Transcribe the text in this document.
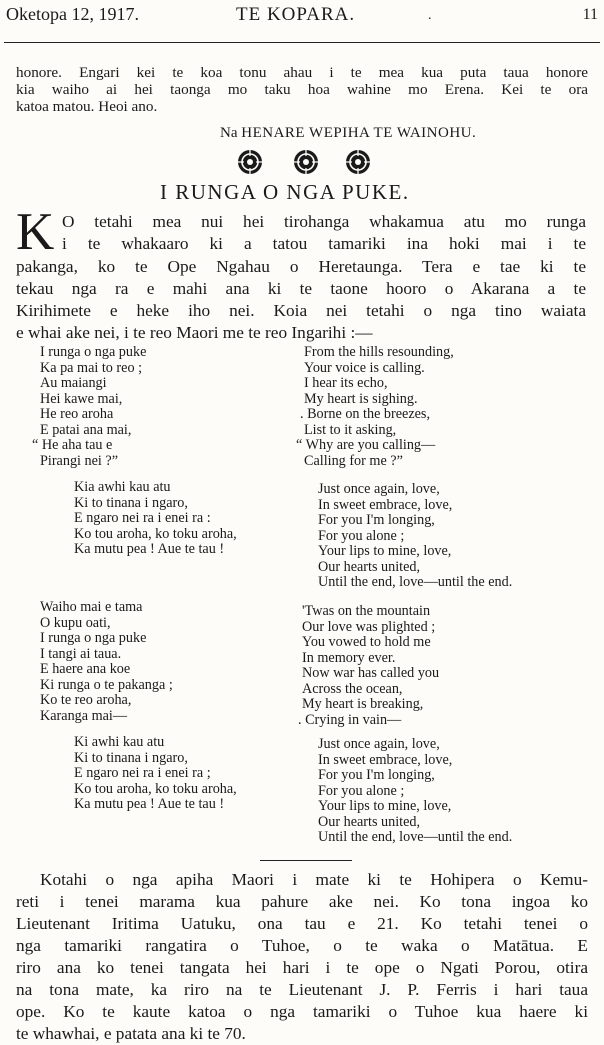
Oketopa 12, 1917.	TE KOPARA.	.	11
honore. Engari kei te koa tonu ahau i te mea kua puta taua honore
kia waiho ai hei taonga mo taku hoa wahine mo Erena. Kei te ora
katoa matou. Heoi ano.
Na HENARE WEPIHA TE WAINOHU.
I RUNGA O NGA PUKE.
K O tetahi mea nui hei tirohanga whakamua atu mo runga
i te whakaaro ki a tatou tamariki ina hoki mai i te
pakanga, ko te Ope Ngahau o Heretaunga. Tera e tae ki te
tekau nga ra e mahi ana ki te taone hooro o Akarana a te
Kirihimete e heke iho nei. Koia nei tetahi o nga tino waiata
e whai ake nei, i te reo Maori me te reo Ingarihi :—
I runga o nga puke
Ka pa mai to reo ;
Au maiangi
Hei kawe mai,
He reo aroha
E patai ana mai,
“ He aha tau e
Pirangi nei ?”
From the hills resounding,
Your voice is calling.
I hear its echo,
My heart is sighing.
. Borne on the breezes,
List to it asking,
“ Why are you calling—
Calling for me ?”
Kia awhi kau atu
Ki to tinana i ngaro,
E ngaro nei ra i enei ra :
Ko tou aroha, ko toku aroha,
Ka mutu pea ! Aue te tau !
Just once again, love,
In sweet embrace, love,
For you I'm longing,
For you alone ;
Your lips to mine, love,
Our hearts united,
Until the end, love—until the end.
Waiho mai e tama
O kupu oati,
I runga o nga puke
I tangi ai taua.
E haere ana koe
Ki runga o te pakanga ;
Ko te reo aroha,
Karanga mai—
'Twas on the mountain
Our love was plighted ;
You vowed to hold me
In memory ever.
Now war has called you
Across the ocean,
My heart is breaking,
. Crying in vain—
Ki awhi kau atu
Ki to tinana i ngaro,
E ngaro nei ra i enei ra ;
Ko tou aroha, ko toku aroha,
Ka mutu pea ! Aue te tau !
Just once again, love,
In sweet embrace, love,
For you I'm longing,
For you alone ;
Your lips to mine, love,
Our hearts united,
Until the end, love—until the end.
Kotahi o nga apiha Maori i mate ki te Hohipera o Kemu-
reti i tenei marama kua pahure ake nei. Ko tona ingoa ko
Lieutenant Iritima Uatuku, ona tau e 21. Ko tetahi tenei o
nga tamariki rangatira o Tuhoe, o te waka o Matātua. E
riro ana ko tenei tangata hei hari i te ope o Ngati Porou, otira
na tona mate, ka riro na te Lieutenant J. P. Ferris i hari taua
ope. Ko te kaute katoa o nga tamariki o Tuhoe kua haere ki
te whawhai, e patata ana ki te 70.
